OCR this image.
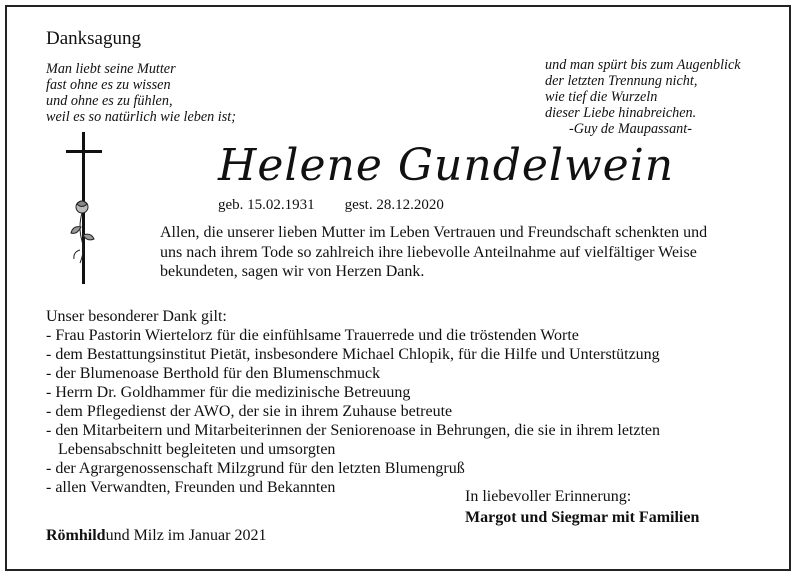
Danksagung
Man liebt seine Mutter
fast ohne es zu wissen
und ohne es zu fühlen,
weil es so natürlich wie leben ist;
und man spürt bis zum Augenblick
der letzten Trennung nicht,
wie tief die Wurzeln
dieser Liebe hinabreichen.
-Guy de Maupassant-
Helene Gundelwein
geb. 15.02.1931 gest. 28.12.2020
Allen, die unserer lieben Mutter im Leben Vertrauen und Freundschaft schenkten und
uns nach ihrem Tode so zahlreich ihre liebevolle Anteilnahme auf vielfältiger Weise
bekundeten, sagen wir von Herzen Dank.
Unser besonderer Dank gilt:
- Frau Pastorin Wiertelorz für die einfühlsame Trauerrede und die tröstenden Worte
- dem Bestattungsinstitut Pietät, insbesondere Michael Chlopik, für die Hilfe und Unterstützung
- der Blumenoase Berthold für den Blumenschmuck
- Herrn Dr. Goldhammer für die medizinische Betreuung
- dem Pflegedienst der AWO, der sie in ihrem Zuhause betreute
- den Mitarbeitern und Mitarbeiterinnen der Seniorenoase in Behrungen, die sie in ihrem letzten
Lebensabschnitt begleiteten und umsorgten
- der Agrargenossenschaft Milzgrund für den letzten Blumengruß
- allen Verwandten, Freunden und Bekannten
In liebevoller Erinnerung:
Margot und Siegmar mit Familien
Römhildund Milz im Januar 2021
